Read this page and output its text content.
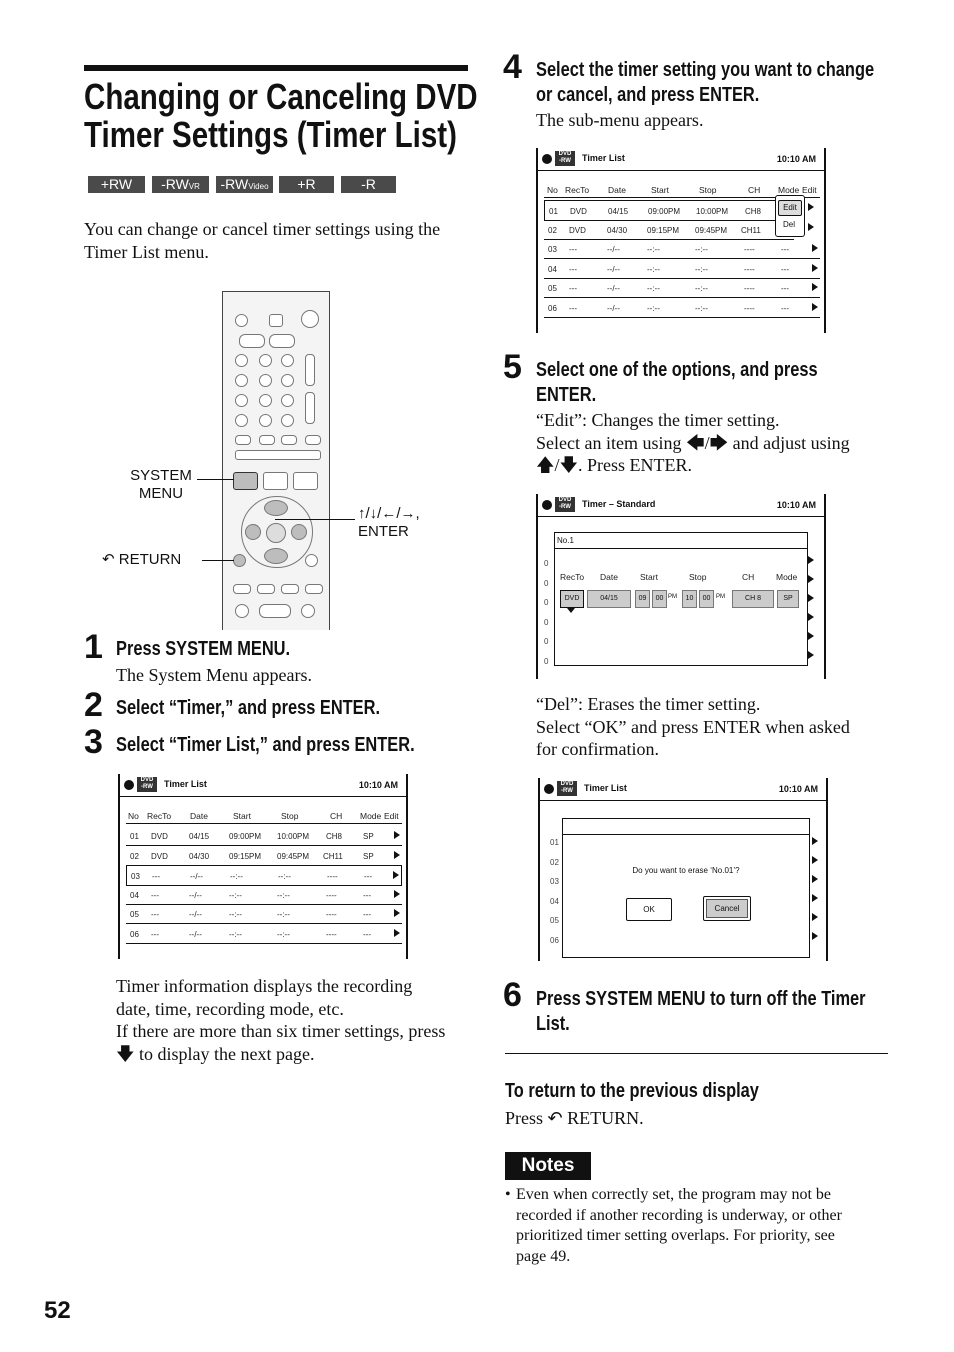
Changing or Canceling DVD
Timer Settings (Timer List)
+RW	-RWVR	-RWVideo	+R	-R
You can change or cancel timer settings using the
Timer List menu.
SYSTEM
MENU
↶ RETURN
↑/↓/←/→,
ENTER
1 Press SYSTEM MENU.
The System Menu appears.
2 Select “Timer,” and press ENTER.
3 Select “Timer List,” and press ENTER.
DVD
-RW	Timer List	10:10 AM
No RecTo Date	Start	Stop	CH Mode Edit
01 DVD	04/15 09:00PM 10:00PM CH8	SP
02 DVD	04/30 09:15PM 09:45PM CH11	SP
03 ---	--/--	--:--	--:--	----	---
04 ---	--/--	--:--	--:--	----	---
05 ---	--/--	--:--	--:--	----	---
06 ---	--/--	--:--	--:--	----	---
Timer information displays the recording
date, time, recording mode, etc.
If there are more than six timer settings, press
🡇 to display the next page.
52
4 Select the timer setting you want to change
or cancel, and press ENTER.
The sub-menu appears.
DVD
-RW	Timer List	10:10 AM
No RecTo Date	Start	Stop	CH Mode Edit
01 DVD	04/15 09:00PM 10:00PM CH8
02 DVD	04/30 09:15PM 09:45PM CH11
03 ---	--/--	--:--	--:--	----	---
04 ---	--/--	--:--	--:--	----	---
05 ---	--/--	--:--	--:--	----	---
06 ---	--/--	--:--	--:--	----	---
Edit
Del
5 Select one of the options, and press
ENTER.
“Edit”: Changes the timer setting.
Select an item using 🡄/🡆 and adjust using
🡅/🡇. Press ENTER.
DVD
-RW	Timer – Standard	10:10 AM
0
0
0
0
0
0
No.1
RecTo Date	Start	Stop	CH	Mode
DVD	04/15	09	00 PM	10	00 PM	CH 8	SP
“Del”: Erases the timer setting.
Select “OK” and press ENTER when asked
for confirmation.
DVD
-RW	Timer List	10:10 AM
01
02
03
04
05
06
Do you want to erase ‘No.01’?
OK	Cancel
6 Press SYSTEM MENU to turn off the Timer
List.
To return to the previous display
Press ↶ RETURN.
Notes
• Even when correctly set, the program may not be
recorded if another recording is underway, or other
prioritized timer setting overlaps. For priority, see
page 49.
